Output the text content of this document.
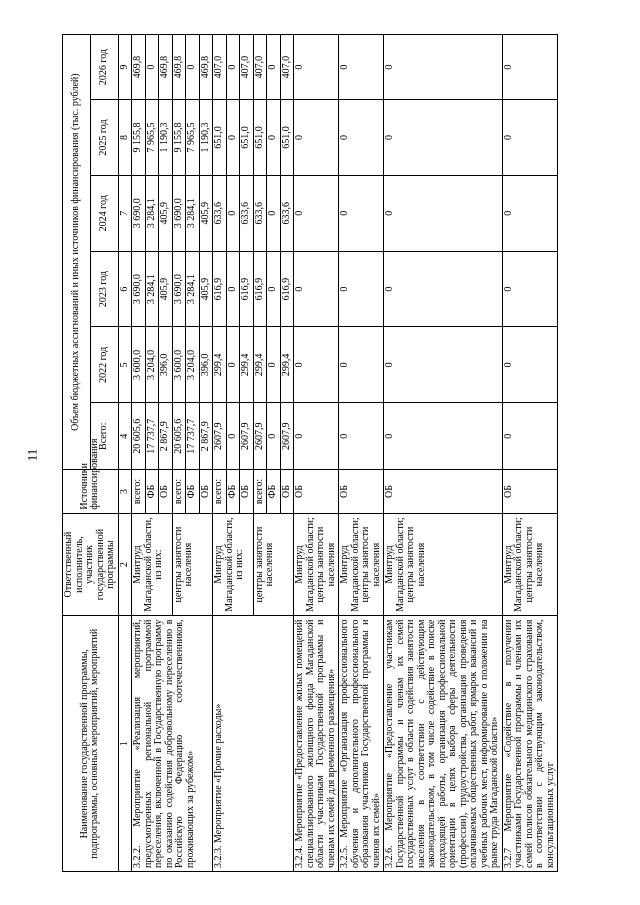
11
Наименование государственной программы, подпрограммы, основных мероприятий, мероприятий	Ответственный исполнитель, участник государственной программы	Источники финансирования	Объем бюджетных ассигнований и иных источников финансирования (тыс. рублей)					
			Всего:	2022 год	2023 год	2024 год	2025 год	2026 год
1	2	3	4	5	6	7	8	9
3.2.2. Мероприятие «Реализация мероприятий, предусмотренных региональной программой переселения, включенной в Государственную программу по оказанию содействия добровольному переселению в Российскую Федерацию соотечественников, проживающих за рубежом»	Минтруд Магаданской области, из них:	всего:	20 605,6	3 600,0	3 690,0	3 690,0	9 155,8	469,8
		ФБ	17 737,7	3 204,0	3 284,1	3 284,1	7 965,5	0
		ОБ	2 867,9	396,0	405,9	405,9	1 190,3	469,8
	центры занятости населения	всего:	20 605,6	3 600,0	3 690,0	3 690,0	9 155,8	469,8
		ФБ	17 737,7	3 204,0	3 284,1	3 284,1	7 965,5	0
		ОБ	2 867,9	396,0	405,9	405,9	1 190,3	469,8
3.2.3. Мероприятие «Прочие расходы»	Минтруд Магаданской области, из них:	всего:	2607,9	299,4	616,9	633,6	651,0	407,0
		ФБ	0	0	0	0	0	0
		ОБ	2607,9	299,4	616,9	633,6	651,0	407,0
	центры занятости населения	всего:	2607,9	299,4	616,9	633,6	651,0	407,0
		ФБ	0	0	0	0	0	0
		ОБ	2607,9	299,4	616,9	633,6	651,0	407,0
3.2.4. Мероприятие «Предоставление жилых помещений специализированного жилищного фонда Магаданской области участникам Государственной программы и членам их семей для временного размещения»	Минтруд Магаданской области; центры занятости населения	ОБ	0	0	0	0	0	0
3.2.5. Мероприятие «Организация профессионального обучения и дополнительного профессионального образования участников Государственной программы и членов их семей»	Минтруд Магаданской области; центры занятости населения	ОБ	0	0	0	0	0	0
3.2.6. Мероприятие «Предоставление участникам Государственной программы и членам их семей государственных услуг в области содействия занятости населения в соответствии с действующим законодательством, в том числе содействие в поиске подходящей работы, организация профессиональной ориентации в целях выбора сферы деятельности (профессии), трудоустройства, организация проведения оплачиваемых общественных работ, ярмарок вакансий и учебных рабочих мест, информирование о положении на рынке труда Магаданской области»	Минтруд Магаданской области; центры занятости населения	ОБ	0	0	0	0	0	0
3.2.7 Мероприятие «Содействие в получении участниками Государственной программы и членами их семей полисов обязательного медицинского страхования в соответствии с действующим законодательством, консультационных услуг	Минтруд Магаданской области; центры занятости населения	ОБ	0	0	0	0	0	0
